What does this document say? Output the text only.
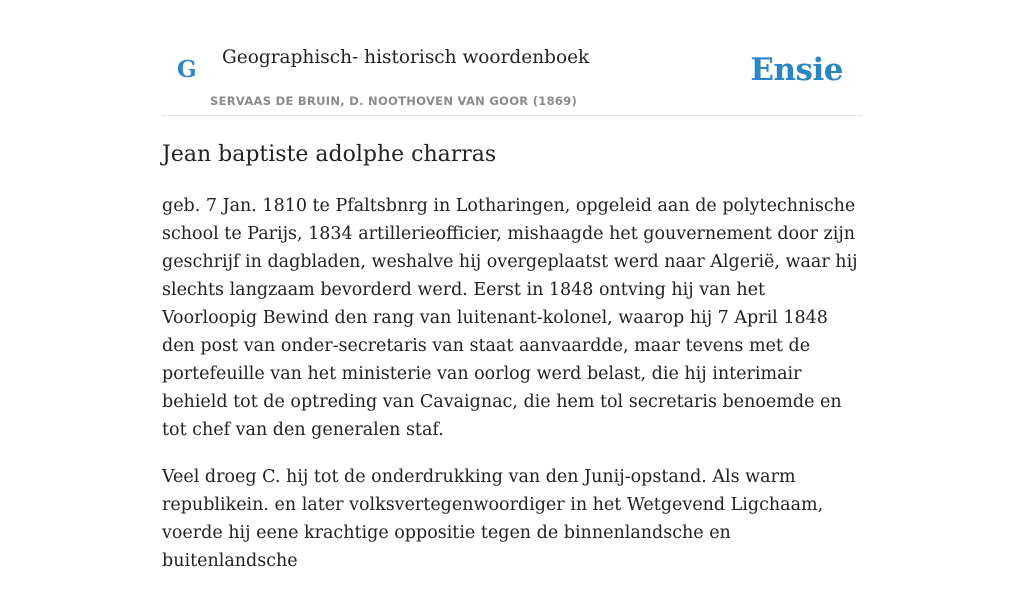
G Geographisch- historisch woordenboek
SERVAAS DE BRUIN, D. NOOTHOVEN VAN GOOR (1869)
Ensie
Jean baptiste adolphe charras

geb. 7 Jan. 1810 te Pfaltsbnrg in Lotharingen, opgeleid aan de polytechnische school te Parijs, 1834 artillerieofficier, mishaagde het gouvernement door zijn geschrijf in dagbladen, weshalve hij overgeplaatst werd naar Algerië, waar hij slechts langzaam bevorderd werd. Eerst in 1848 ontving hij van het Voorloopig Bewind den rang van luitenant-kolonel, waarop hij 7 April 1848 den post van onder-secretaris van staat aanvaardde, maar tevens met de portefeuille van het ministerie van oorlog werd belast, die hij interimair behield tot de optreding van Cavaignac, die hem tol secretaris benoemde en tot chef van den generalen staf.

Veel droeg C. hij tot de onderdrukking van den Junij-opstand. Als warm republikein. en later volksvertegenwoordiger in het Wetgevend Ligchaam, voerde hij eene krachtige oppositie tegen de binnenlandsche en buitenlandsche
